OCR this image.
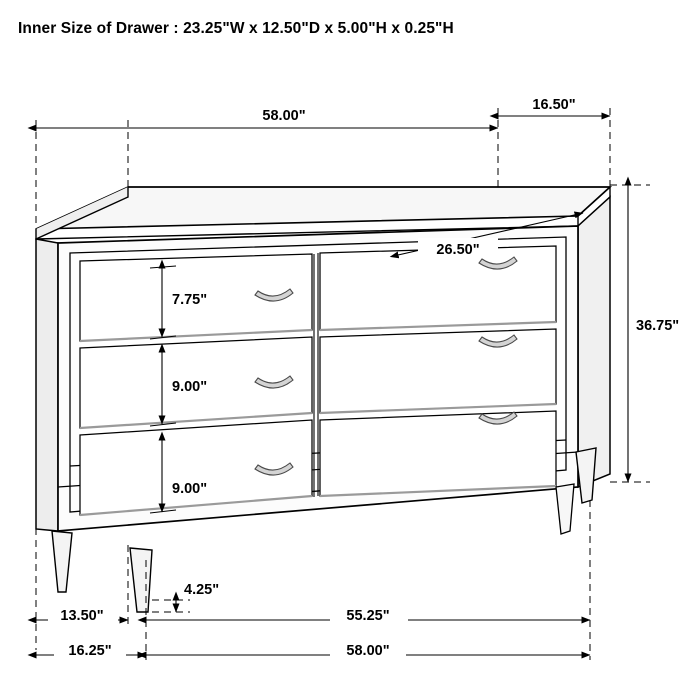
Inner Size of Drawer : 23.25"W x 12.50"D x 5.00"H x 0.25"H
58.00"
16.50"
36.75"
26.50"
7.75"
9.00"
9.00"
4.25"
13.50"	55.25"
16.25"	58.00"
